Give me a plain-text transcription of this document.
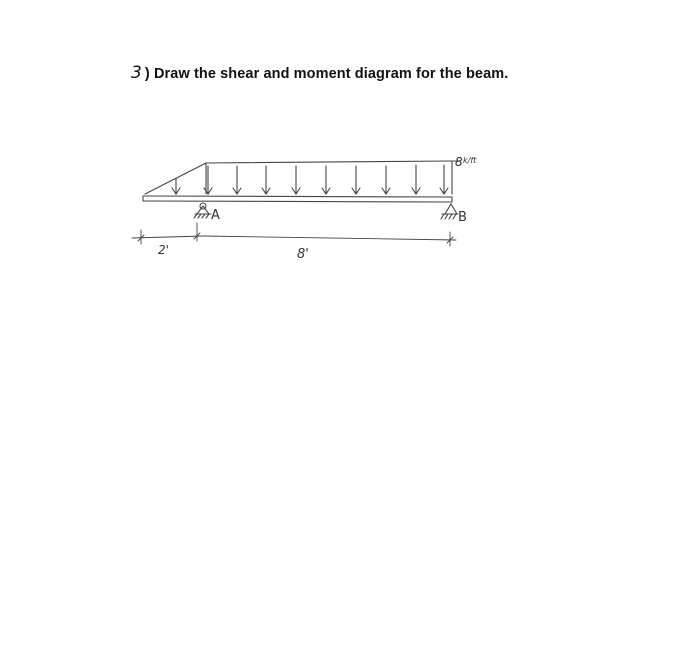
3 ) Draw the shear and moment diagram for the beam.
8 k/ft
A	B
2'	8'
